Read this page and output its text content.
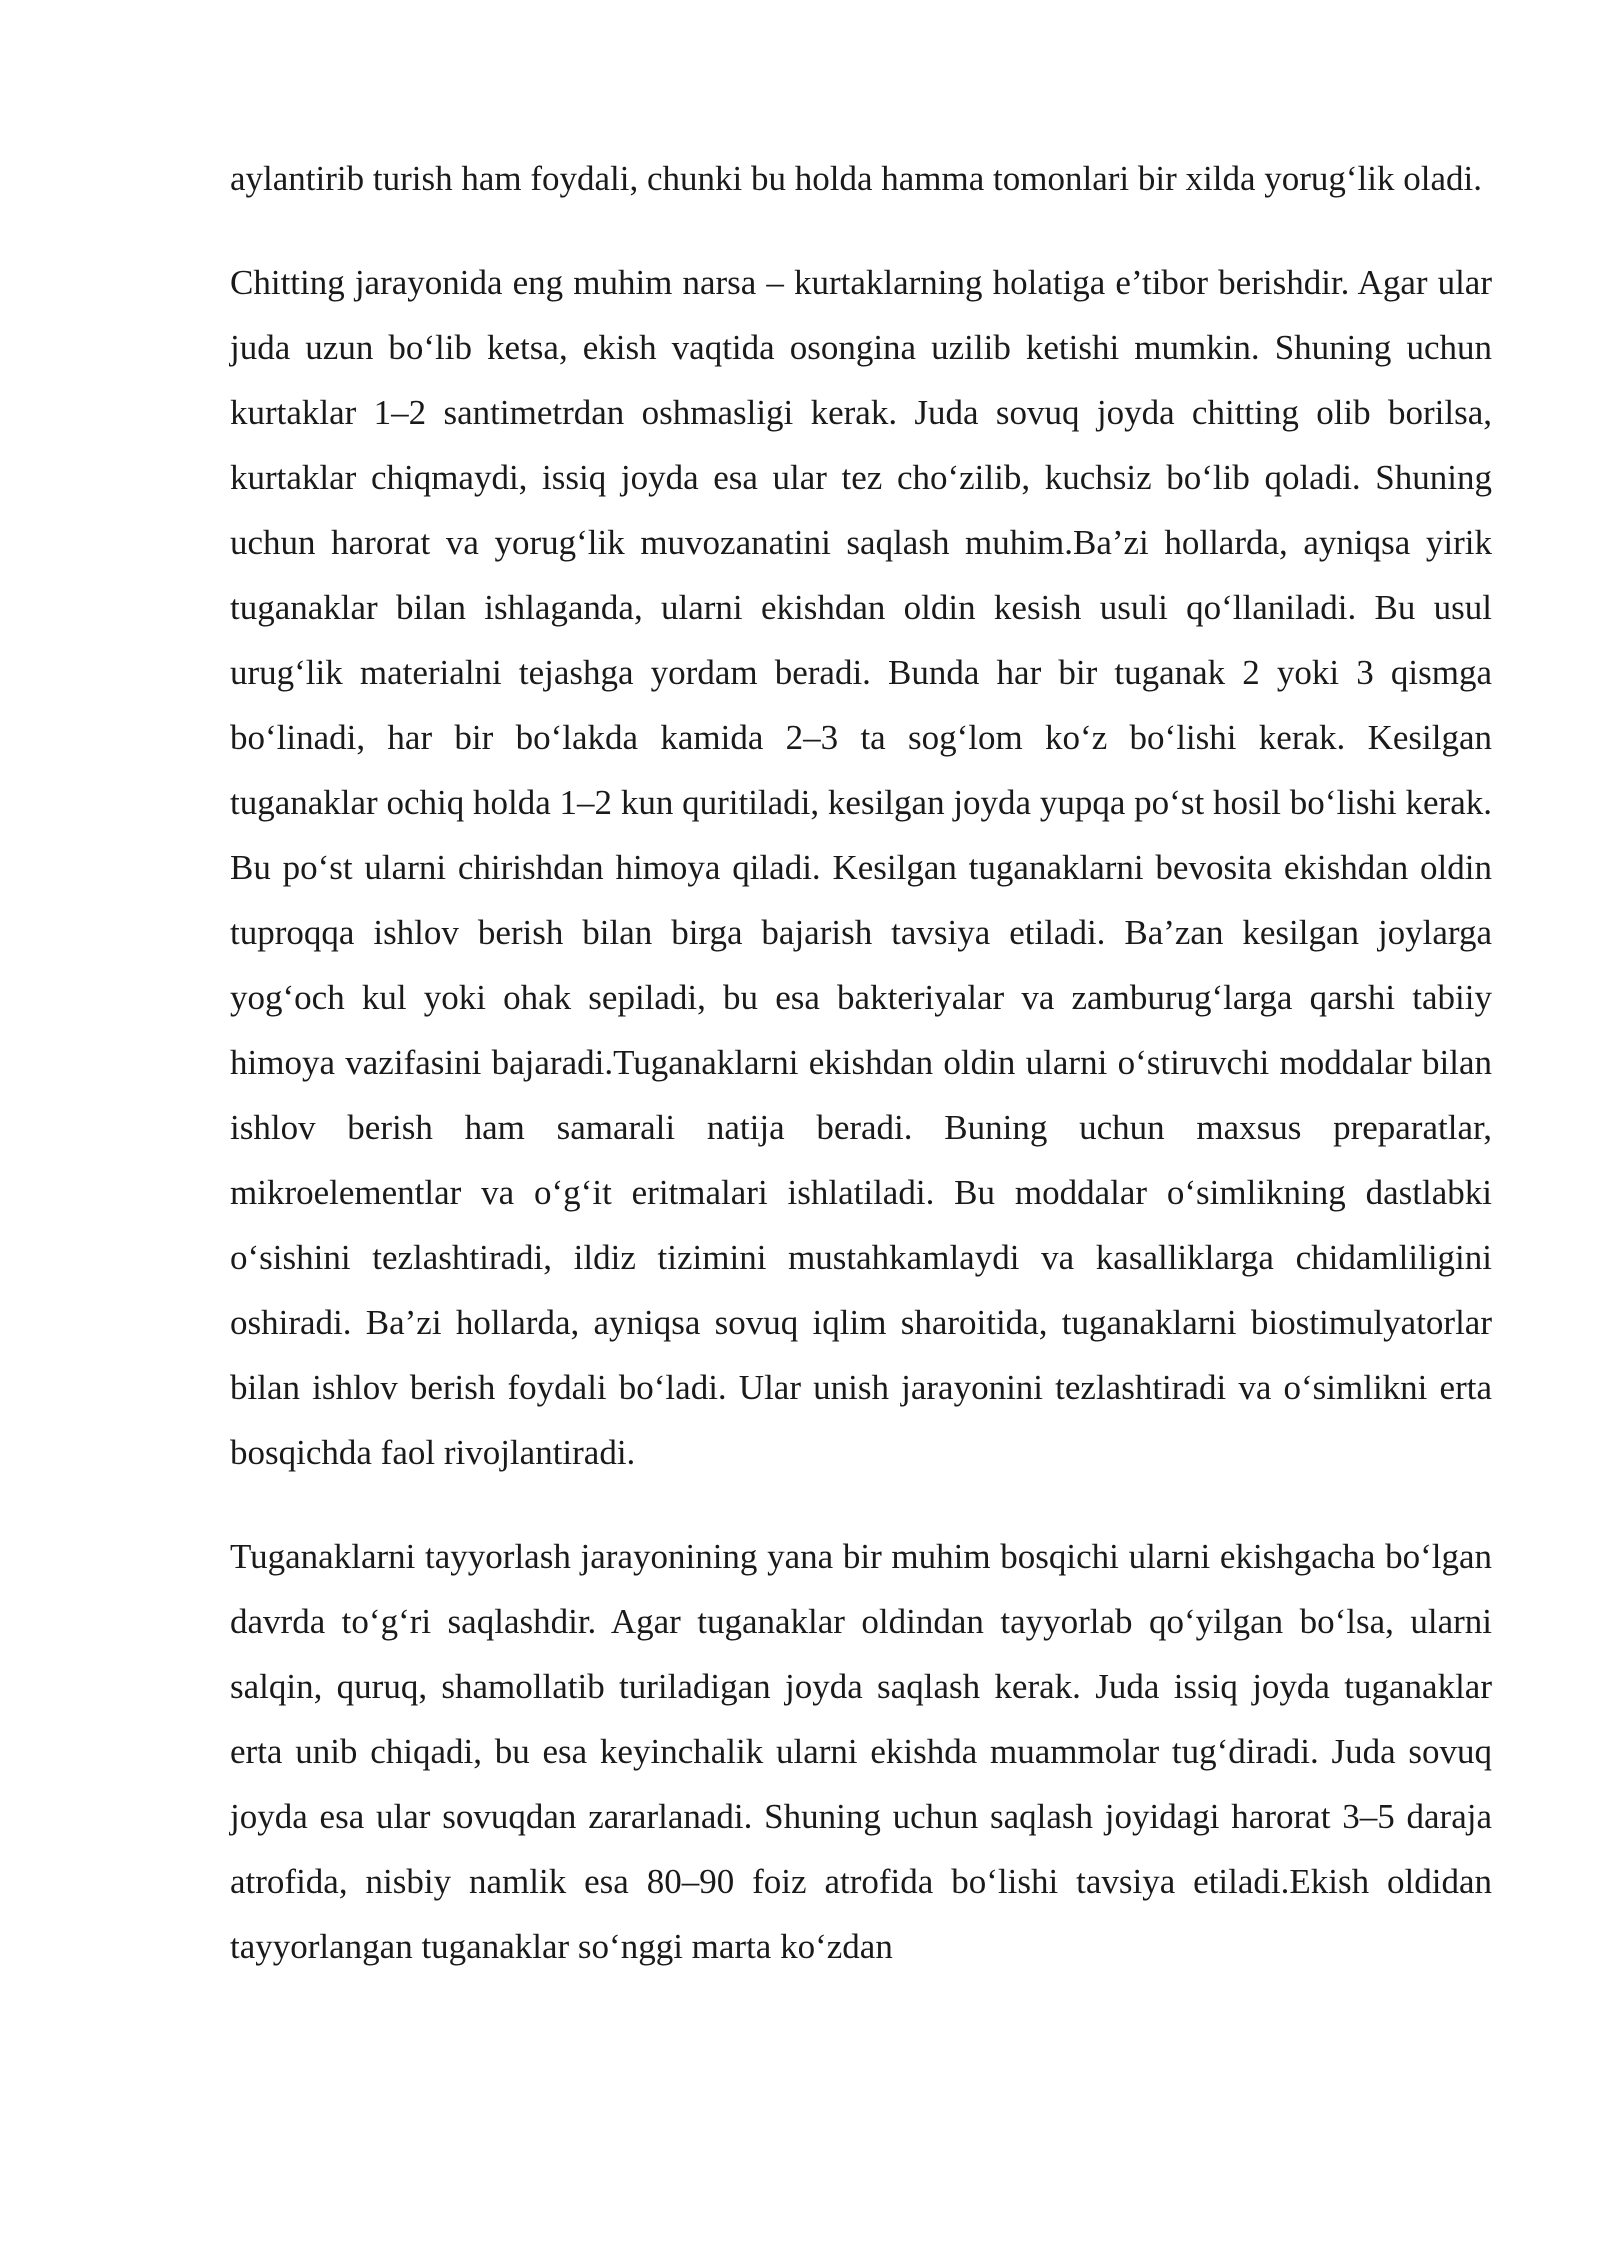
aylantirib turish ham foydali, chunki bu holda hamma tomonlari bir xilda yorug‘lik oladi.

Chitting jarayonida eng muhim narsa – kurtaklarning holatiga e’tibor berishdir. Agar ular juda uzun bo‘lib ketsa, ekish vaqtida osongina uzilib ketishi mumkin. Shuning uchun kurtaklar 1–2 santimetrdan oshmasligi kerak. Juda sovuq joyda chitting olib borilsa, kurtaklar chiqmaydi, issiq joyda esa ular tez cho‘zilib, kuchsiz bo‘lib qoladi. Shuning uchun harorat va yorug‘lik muvozanatini saqlash muhim.Ba’zi hollarda, ayniqsa yirik tuganaklar bilan ishlaganda, ularni ekishdan oldin kesish usuli qo‘llaniladi. Bu usul urug‘lik materialni tejashga yordam beradi. Bunda har bir tuganak 2 yoki 3 qismga bo‘linadi, har bir bo‘lakda kamida 2–3 ta sog‘lom ko‘z bo‘lishi kerak. Kesilgan tuganaklar ochiq holda 1–2 kun quritiladi, kesilgan joyda yupqa po‘st hosil bo‘lishi kerak. Bu po‘st ularni chirishdan himoya qiladi. Kesilgan tuganaklarni bevosita ekishdan oldin tuproqqa ishlov berish bilan birga bajarish tavsiya etiladi. Ba’zan kesilgan joylarga yog‘och kul yoki ohak sepiladi, bu esa bakteriyalar va zamburug‘larga qarshi tabiiy himoya vazifasini bajaradi.Tuganaklarni ekishdan oldin ularni o‘stiruvchi moddalar bilan ishlov berish ham samarali natija beradi. Buning uchun maxsus preparatlar, mikroelementlar va o‘g‘it eritmalari ishlatiladi. Bu moddalar o‘simlikning dastlabki o‘sishini tezlashtiradi, ildiz tizimini mustahkamlaydi va kasalliklarga chidamliligini oshiradi. Ba’zi hollarda, ayniqsa sovuq iqlim sharoitida, tuganaklarni biostimulyatorlar bilan ishlov berish foydali bo‘ladi. Ular unish jarayonini tezlashtiradi va o‘simlikni erta bosqichda faol rivojlantiradi.

Tuganaklarni tayyorlash jarayonining yana bir muhim bosqichi ularni ekishgacha bo‘lgan davrda to‘g‘ri saqlashdir. Agar tuganaklar oldindan tayyorlab qo‘yilgan bo‘lsa, ularni salqin, quruq, shamollatib turiladigan joyda saqlash kerak. Juda issiq joyda tuganaklar erta unib chiqadi, bu esa keyinchalik ularni ekishda muammolar tug‘diradi. Juda sovuq joyda esa ular sovuqdan zararlanadi. Shuning uchun saqlash joyidagi harorat 3–5 daraja atrofida, nisbiy namlik esa 80–90 foiz atrofida bo‘lishi tavsiya etiladi.Ekish oldidan tayyorlangan tuganaklar so‘nggi marta ko‘zdan
